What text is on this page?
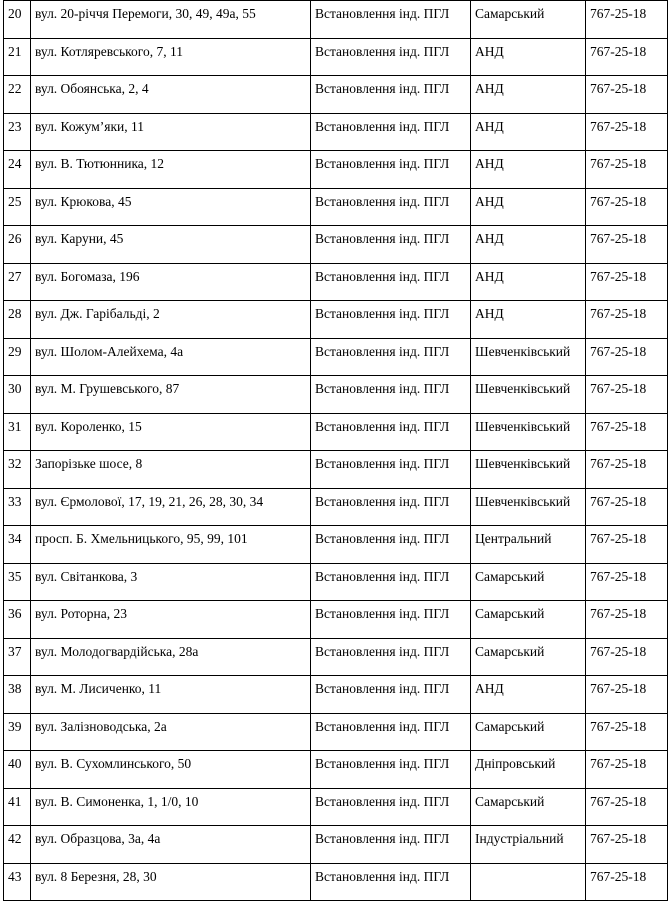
20	вул. 20-річчя Перемоги, 30, 49, 49а, 55	Встановлення інд. ПГЛ	Самарський	767-25-18

21	вул. Котляревського, 7, 11	Встановлення інд. ПГЛ	АНД	767-25-18

22	вул. Обоянська, 2, 4	Встановлення інд. ПГЛ	АНД	767-25-18

23	вул. Кожум’яки, 11	Встановлення інд. ПГЛ	АНД	767-25-18

24	вул. В. Тютюнника, 12	Встановлення інд. ПГЛ	АНД	767-25-18

25	вул. Крюкова, 45	Встановлення інд. ПГЛ	АНД	767-25-18

26	вул. Каруни, 45	Встановлення інд. ПГЛ	АНД	767-25-18

27	вул. Богомаза, 196	Встановлення інд. ПГЛ	АНД	767-25-18

28	вул. Дж. Гарібальді, 2	Встановлення інд. ПГЛ	АНД	767-25-18

29	вул. Шолом-Алейхема, 4а	Встановлення інд. ПГЛ	Шевченківський	767-25-18

30	вул. М. Грушевського, 87	Встановлення інд. ПГЛ	Шевченківський	767-25-18

31	вул. Короленко, 15	Встановлення інд. ПГЛ	Шевченківський	767-25-18

32	Запорізьке шосе, 8	Встановлення інд. ПГЛ	Шевченківський	767-25-18

33	вул. Єрмолової, 17, 19, 21, 26, 28, 30, 34	Встановлення інд. ПГЛ	Шевченківський	767-25-18

34	просп. Б. Хмельницького, 95, 99, 101	Встановлення інд. ПГЛ	Центральний	767-25-18

35	вул. Світанкова, 3	Встановлення інд. ПГЛ	Самарський	767-25-18

36	вул. Роторна, 23	Встановлення інд. ПГЛ	Самарський	767-25-18

37	вул. Молодогвардійська, 28а	Встановлення інд. ПГЛ	Самарський	767-25-18

38	вул. М. Лисиченко, 11	Встановлення інд. ПГЛ	АНД	767-25-18

39	вул. Залізноводська, 2а	Встановлення інд. ПГЛ	Самарський	767-25-18

40	вул. В. Сухомлинського, 50	Встановлення інд. ПГЛ	Дніпровський	767-25-18

41	вул. В. Симоненка, 1, 1/0, 10	Встановлення інд. ПГЛ	Самарський	767-25-18

42	вул. Образцова, 3а, 4а	Встановлення інд. ПГЛ	Індустріальний	767-25-18

43	вул. 8 Березня, 28, 30	Встановлення інд. ПГЛ		767-25-18
